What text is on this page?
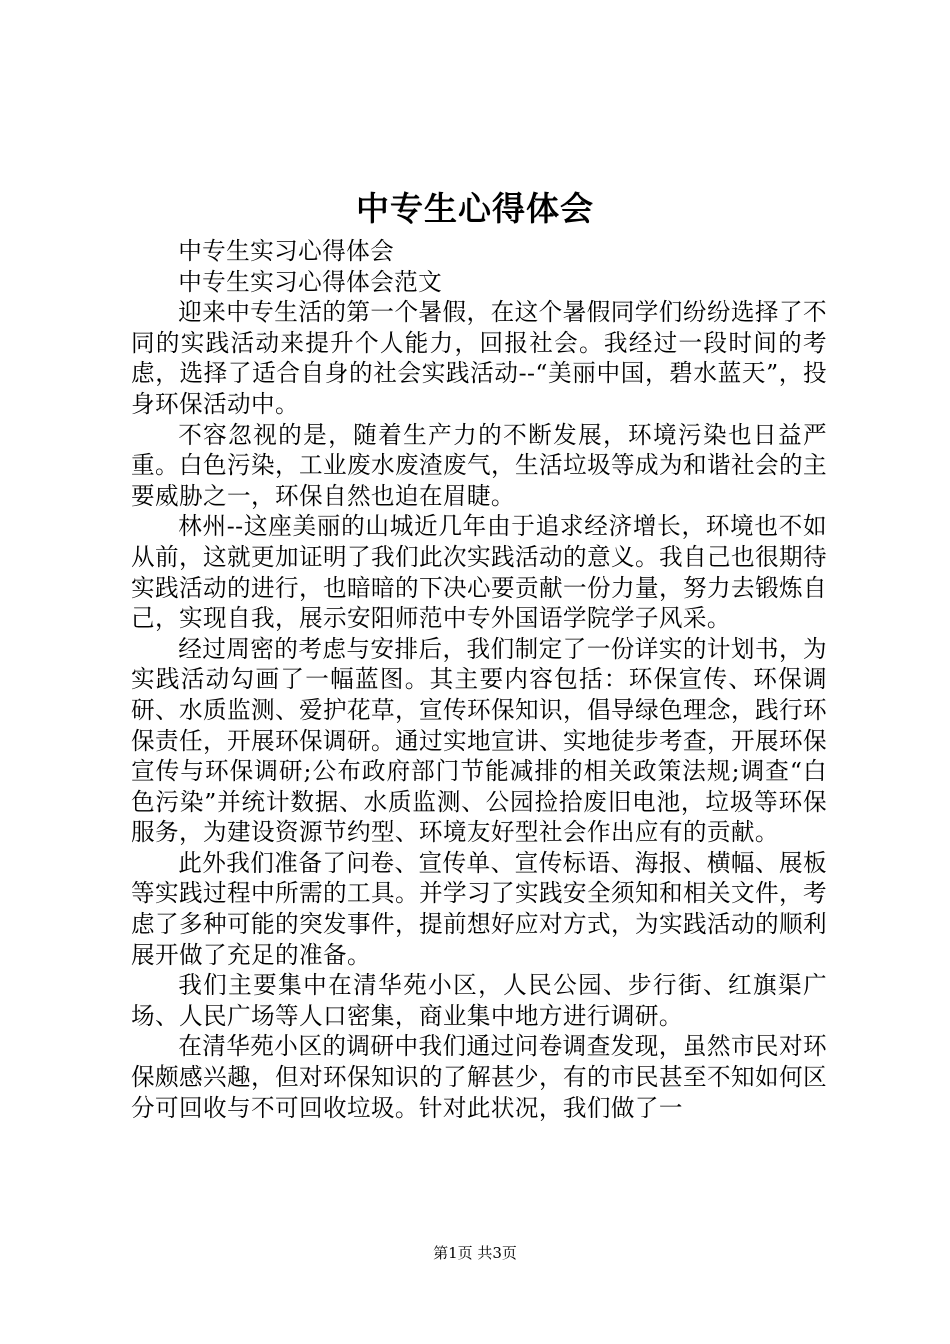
中专生心得体会

中专生实习心得体会

中专生实习心得体会范文

迎来中专生活的第一个暑假，在这个暑假同学们纷纷选择了不同的实践活动来提升个人能力，回报社会。我经过一段时间的考虑，选择了适合自身的社会实践活动--“美丽中国，碧水蓝天”，投身环保活动中。

不容忽视的是，随着生产力的不断发展，环境污染也日益严重。白色污染，工业废水废渣废气，生活垃圾等成为和谐社会的主要威胁之一，环保自然也迫在眉睫。

林州--这座美丽的山城近几年由于追求经济增长，环境也不如从前，这就更加证明了我们此次实践活动的意义。我自己也很期待实践活动的进行，也暗暗的下决心要贡献一份力量，努力去锻炼自己，实现自我，展示安阳师范中专外国语学院学子风采。

经过周密的考虑与安排后，我们制定了一份详实的计划书，为实践活动勾画了一幅蓝图。其主要内容包括：环保宣传、环保调研、水质监测、爱护花草，宣传环保知识，倡导绿色理念，践行环保责任，开展环保调研。通过实地宣讲、实地徒步考查，开展环保宣传与环保调研;公布政府部门节能减排的相关政策法规;调查“白色污染”并统计数据、水质监测、公园捡拾废旧电池，垃圾等环保服务，为建设资源节约型、环境友好型社会作出应有的贡献。

此外我们准备了问卷、宣传单、宣传标语、海报、横幅、展板等实践过程中所需的工具。并学习了实践安全须知和相关文件，考虑了多种可能的突发事件，提前想好应对方式，为实践活动的顺利展开做了充足的准备。

我们主要集中在清华苑小区，人民公园、步行街、红旗渠广场、人民广场等人口密集，商业集中地方进行调研。

在清华苑小区的调研中我们通过问卷调查发现，虽然市民对环保颇感兴趣，但对环保知识的了解甚少，有的市民甚至不知如何区分可回收与不可回收垃圾。针对此状况，我们做了一

第1页 共3页
